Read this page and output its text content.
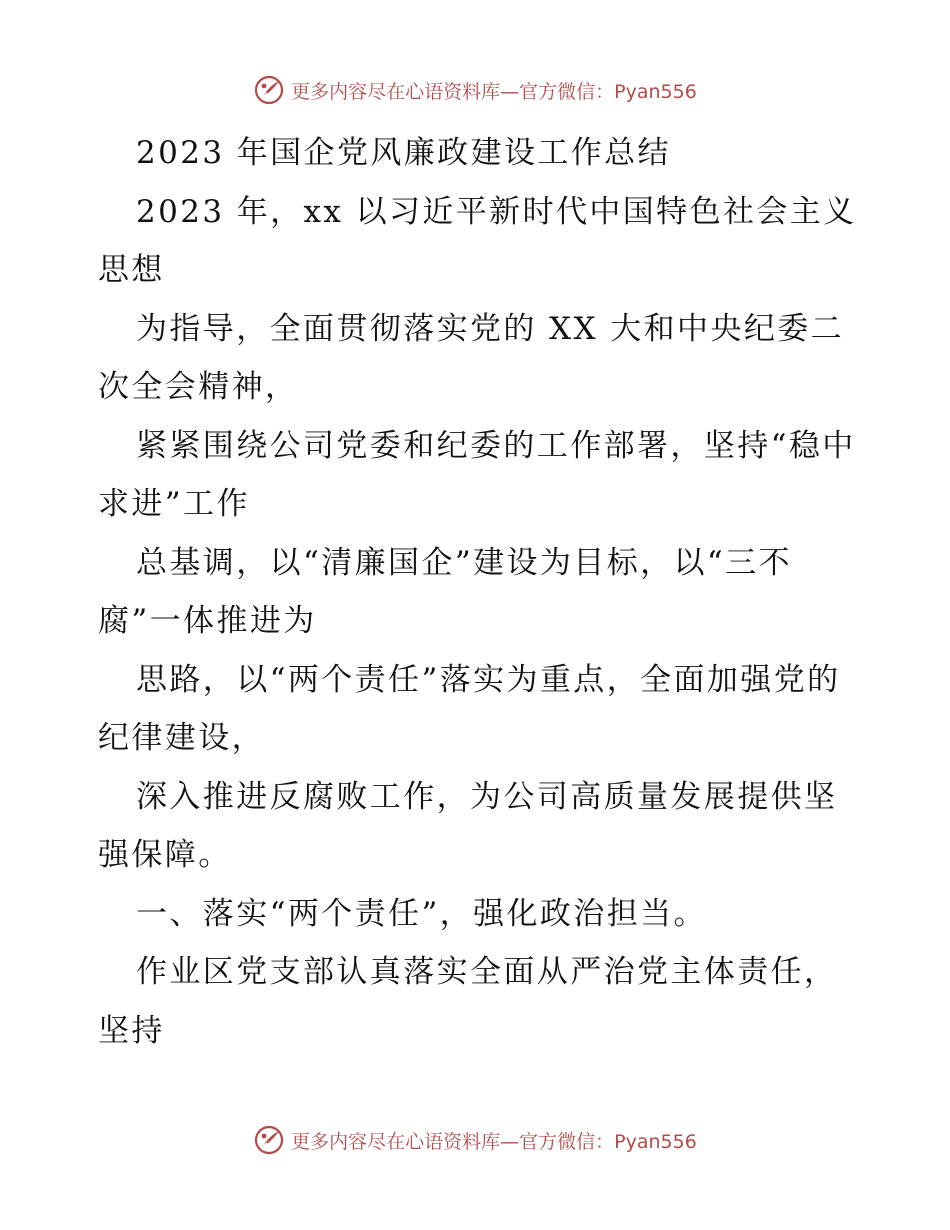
更多内容尽在心语资料库—官方微信：Pyan556

2023 年国企党风廉政建设工作总结

2023 年，xx 以习近平新时代中国特色社会主义思想

为指导，全面贯彻落实党的 XX 大和中央纪委二次全会精神，

紧紧围绕公司党委和纪委的工作部署，坚持“稳中求进”工作

总基调，以“清廉国企”建设为目标，以“三不腐”一体推进为

思路，以“两个责任”落实为重点，全面加强党的纪律建设，

深入推进反腐败工作，为公司高质量发展提供坚强保障。

一、落实“两个责任”，强化政治担当。

作业区党支部认真落实全面从严治党主体责任，坚持

更多内容尽在心语资料库—官方微信：Pyan556
